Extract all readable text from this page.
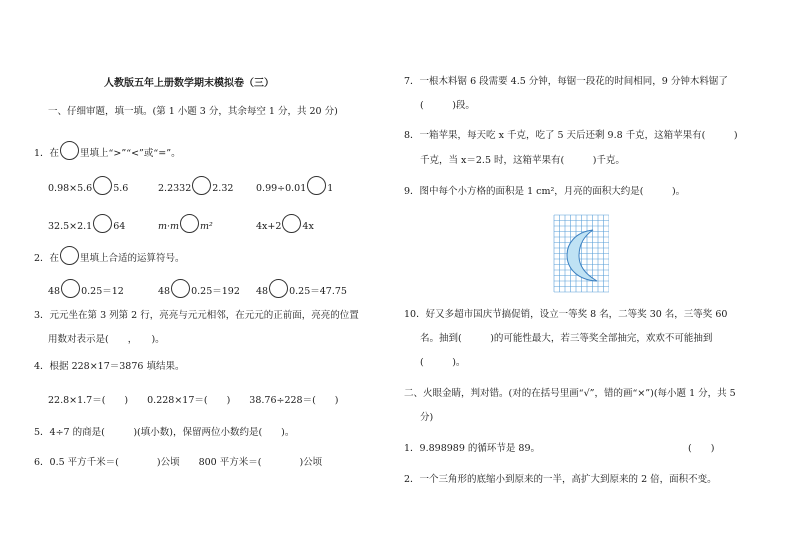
人教版五年上册数学期末模拟卷（三）
一、仔细审题，填一填。(第 1 小题 3 分，其余每空 1 分，共 20 分)
1．在 里填上“>”“<”或“=”。
0.98×5.6 5.6	2.2332 2.32 0.99÷0.01 1
32.5×2.1 64	m·m m²	4x+2 4x
2．在 里填上合适的运算符号。
48 0.25＝12	48 0.25＝192 48 0.25＝47.75
3．元元坐在第 3 列第 2 行，亮亮与元元相邻，在元元的正前面，亮亮的位置
用数对表示是(　　，　　)。
4．根据 228×17＝3876 填结果。
22.8×1.7＝(　　)　　0.228×17＝(　　)　　38.76÷228＝(　　)
5．4÷7 的商是(　　　)(填小数)，保留两位小数约是(　　)。
6．0.5 平方千米＝(　　　　)公顷　　800 平方米＝(　　　　)公顷
7．一根木料锯 6 段需要 4.5 分钟，每锯一段花的时间相同，9 分钟木料锯了
(　　　)段。
8．一箱苹果，每天吃 x 千克，吃了 5 天后还剩 9.8 千克，这箱苹果有(　　　)
千克，当 x＝2.5 时，这箱苹果有(　　　)千克。
9．图中每个小方格的面积是 1 cm²，月亮的面积大约是(　　　)。
10．好又多超市国庆节搞促销，设立一等奖 8 名，二等奖 30 名，三等奖 60
名。抽到(　　　)的可能性最大，若三等奖全部抽完，欢欢不可能抽到
(　　　)。
二、火眼金睛，判对错。(对的在括号里画“√”，错的画“×”)(每小题 1 分，共 5
分)
1．9.898989 的循环节是 89。	(　　)
2．一个三角形的底缩小到原来的一半，高扩大到原来的 2 倍，面积不变。
